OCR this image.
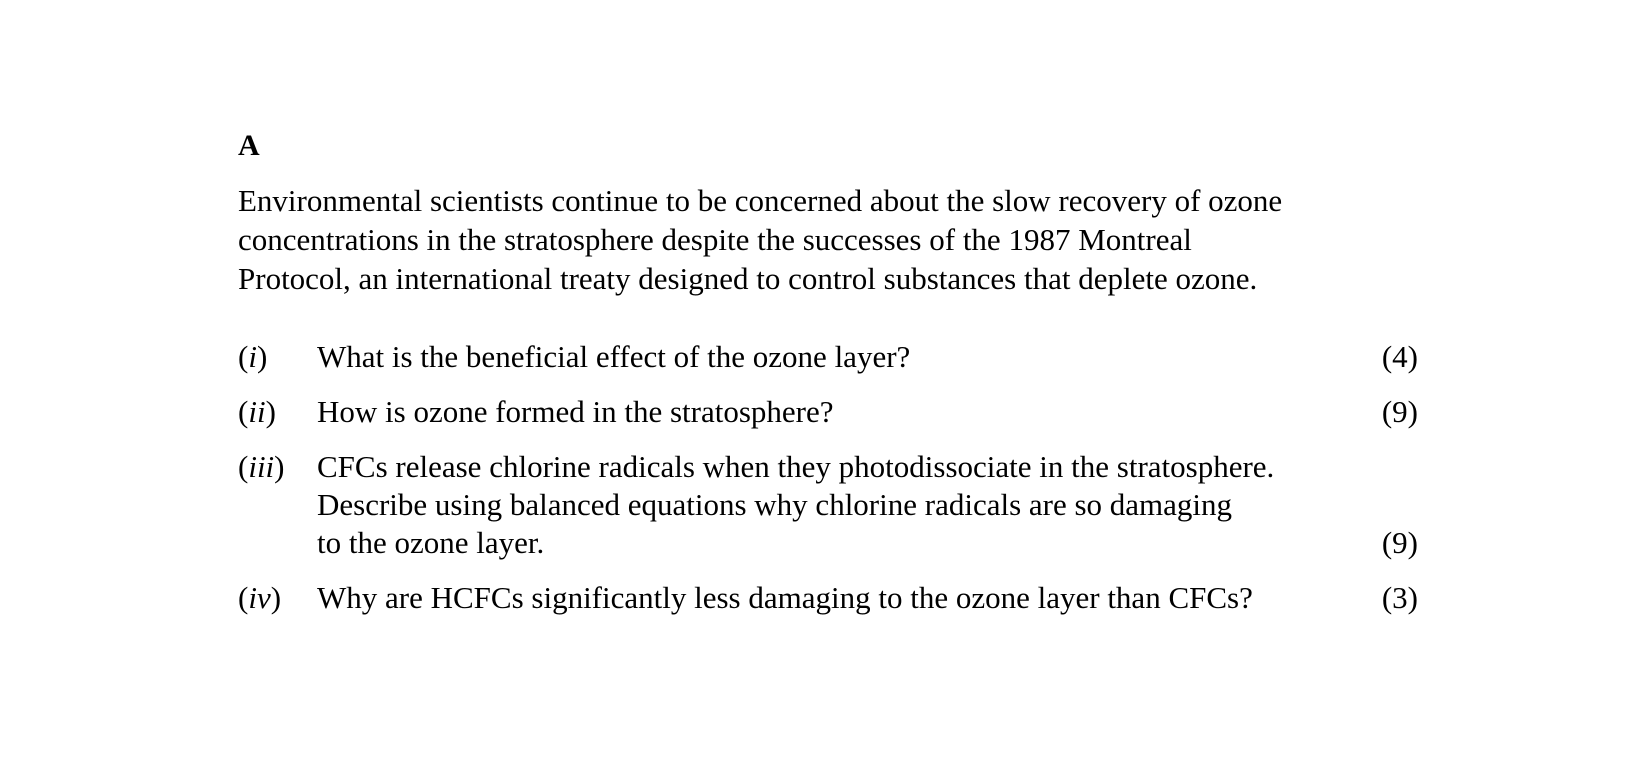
A
Environmental scientists continue to be concerned about the slow recovery of ozone
concentrations in the stratosphere despite the successes of the 1987 Montreal
Protocol, an international treaty designed to control substances that deplete ozone.
(i) What is the beneficial effect of the ozone layer?	(4)
(ii) How is ozone formed in the stratosphere?	(9)
(iii) CFCs release chlorine radicals when they photodissociate in the stratosphere.
Describe using balanced equations why chlorine radicals are so damaging
to the ozone layer.	(9)
(iv) Why are HCFCs significantly less damaging to the ozone layer than CFCs?	(3)
